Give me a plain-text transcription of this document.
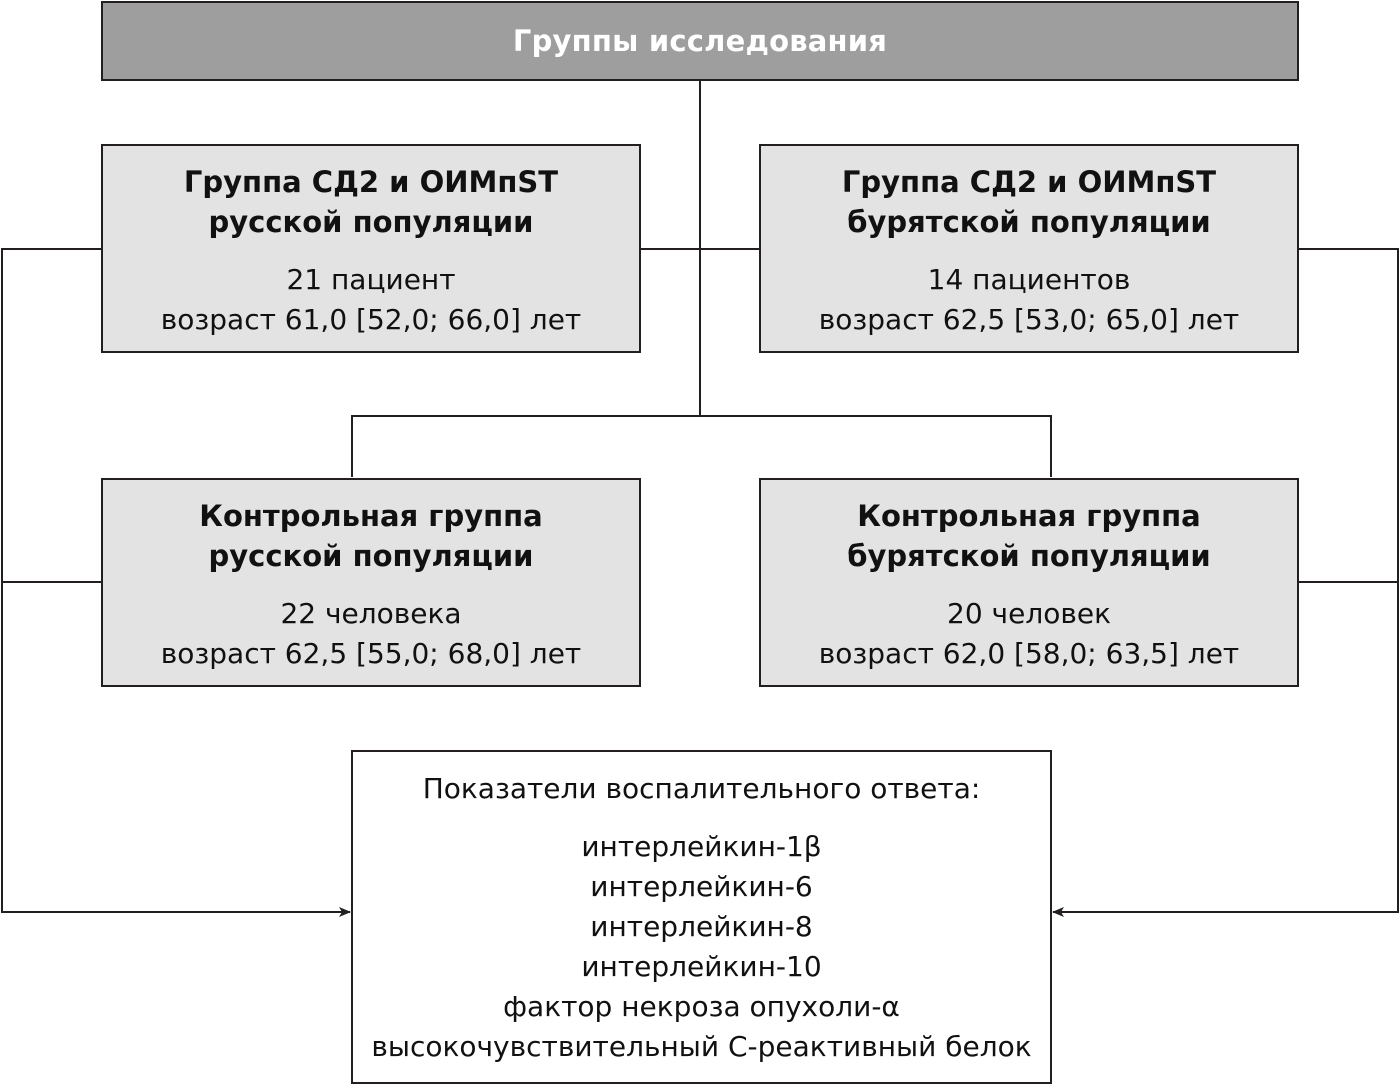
Группы исследования
Группа СД2 и ОИМпST
русской популяции
21 пациент
возраст 61,0 [52,0; 66,0] лет
Группа СД2 и ОИМпST
бурятской популяции
14 пациентов
возраст 62,5 [53,0; 65,0] лет
Контрольная группа
русской популяции
22 человека
возраст 62,5 [55,0; 68,0] лет
Контрольная группа
бурятской популяции
20 человек
возраст 62,0 [58,0; 63,5] лет
Показатели воспалительного ответа:
интерлейкин-1β
интерлейкин-6
интерлейкин-8
интерлейкин-10
фактор некроза опухоли-α
высокочувствительный С-реактивный белок
